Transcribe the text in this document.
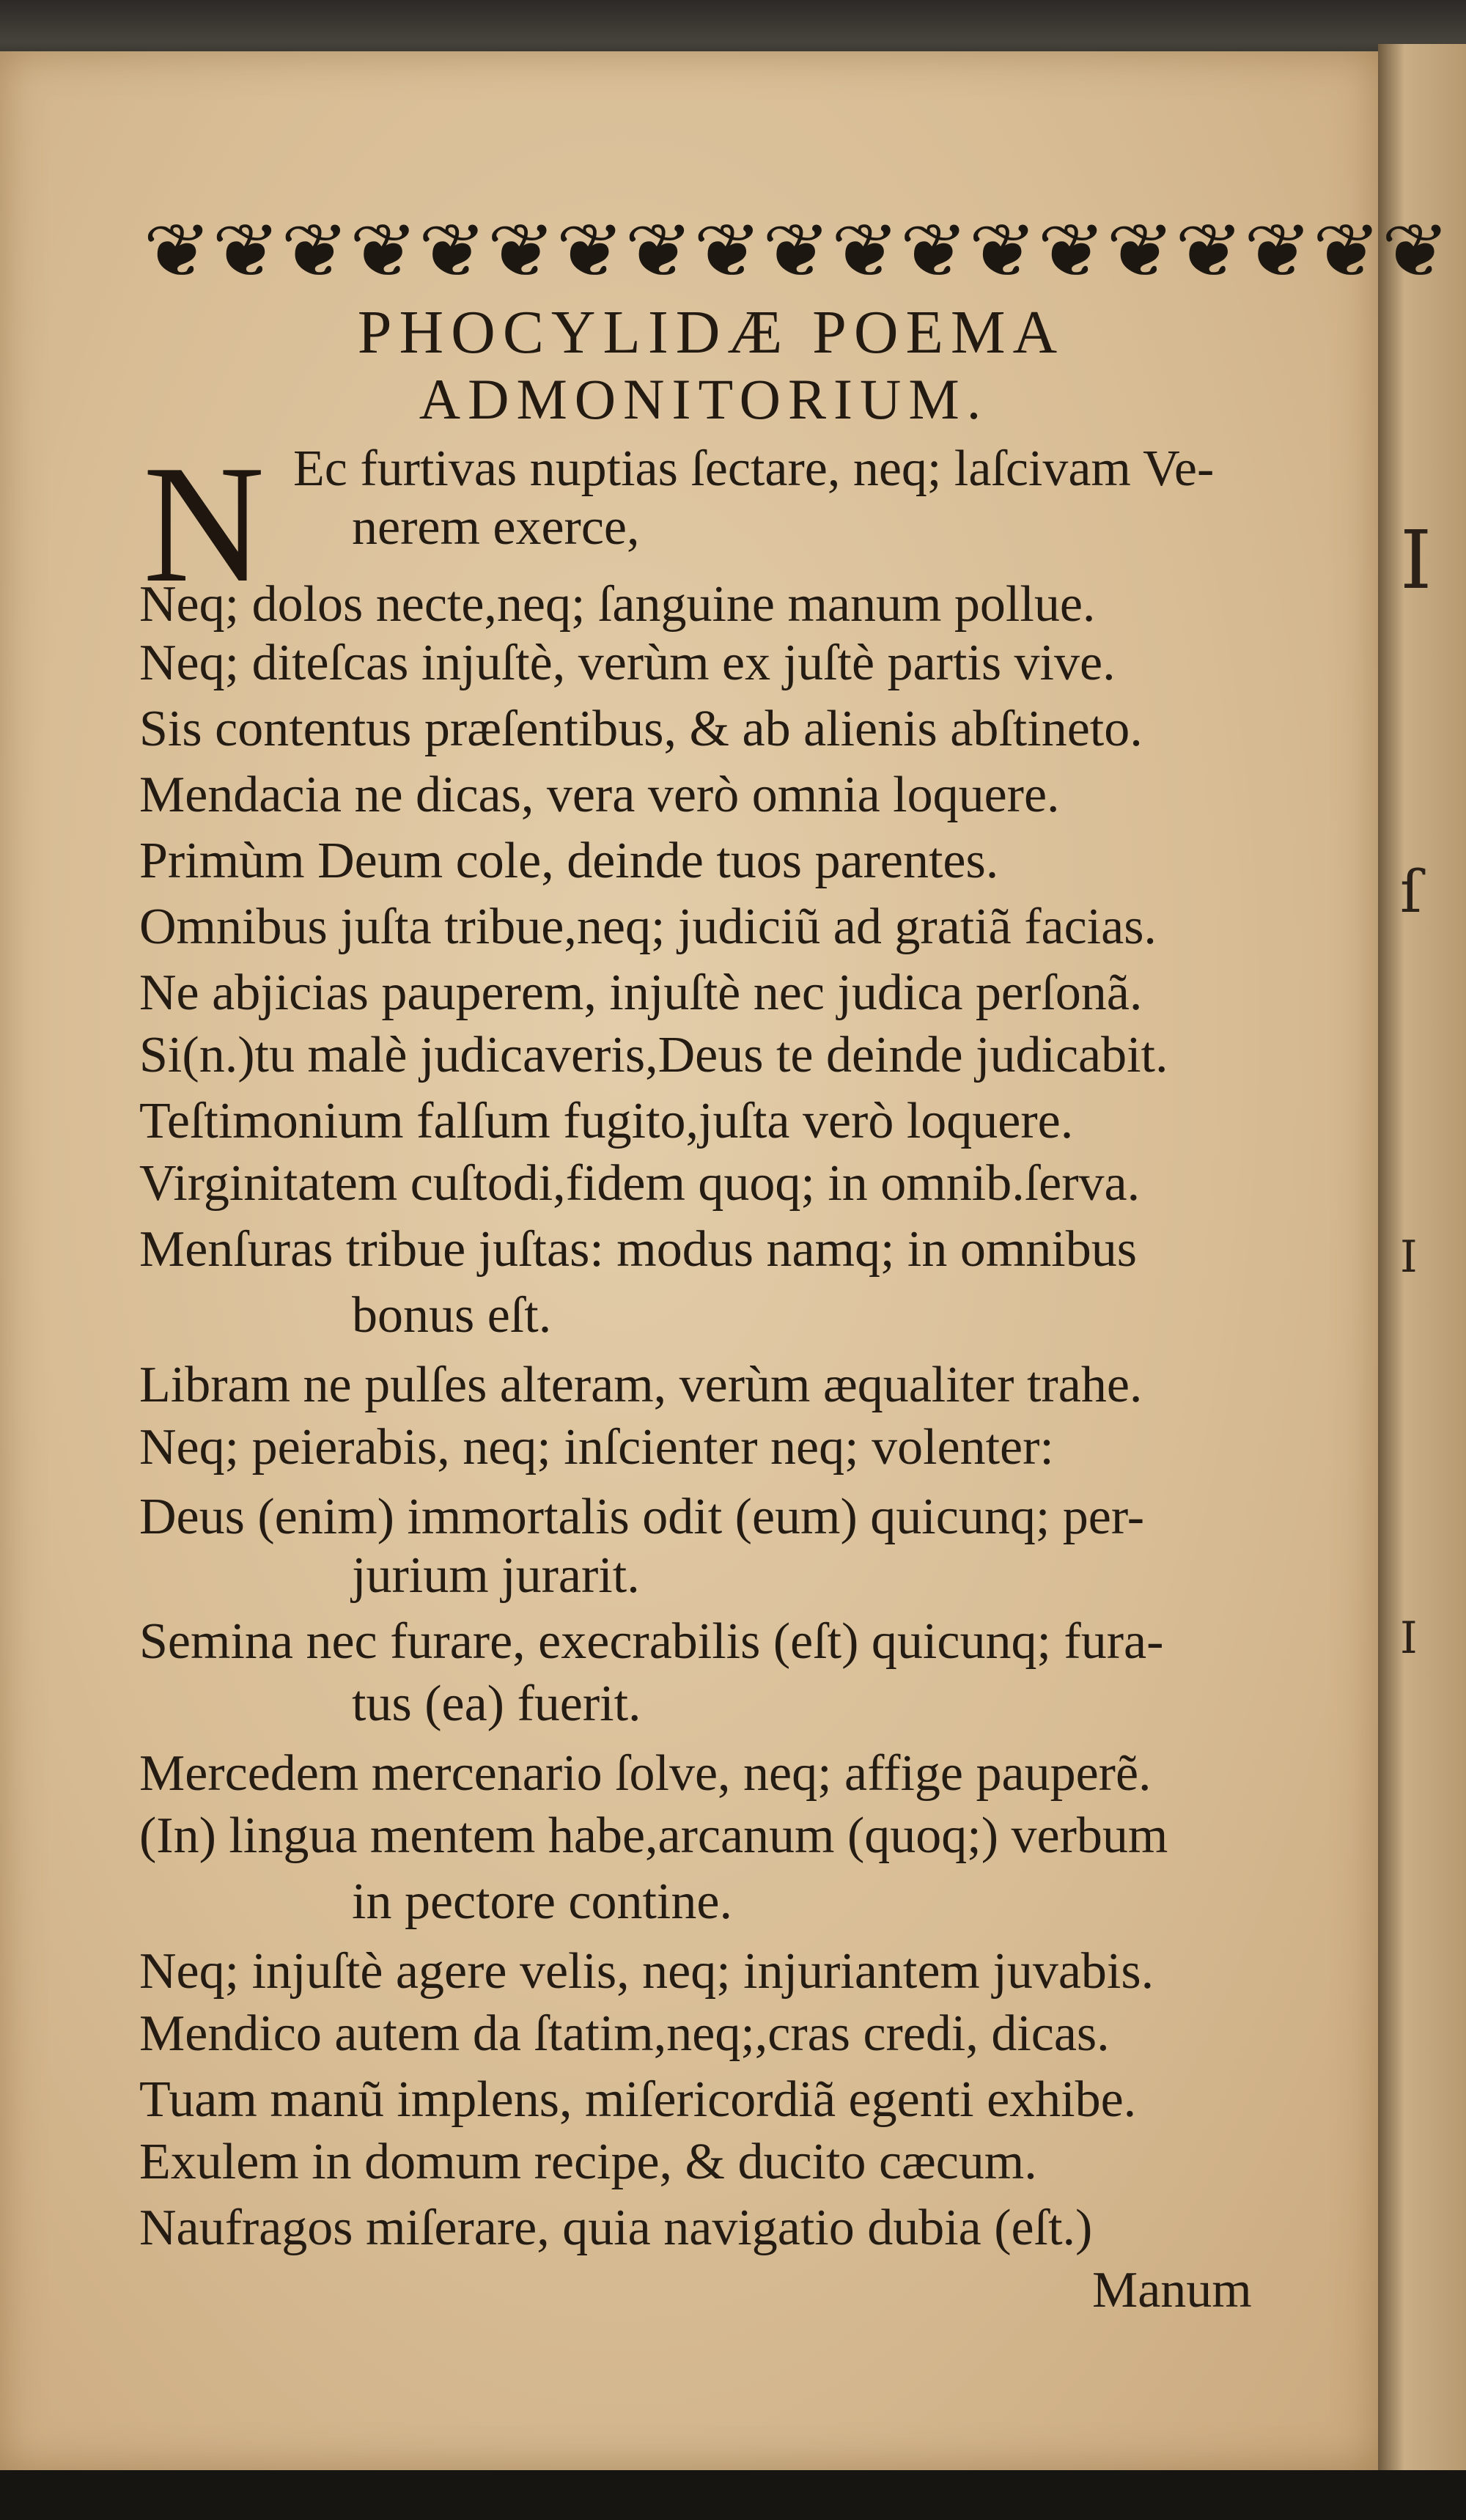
I
ſ
I
I
❦ ❦ ❦ ❦ ❦ ❦ ❦ ❦ ❦ ❦ ❦ ❦ ❦ ❦ ❦ ❦ ❦ ❦ ❦
PHOCYLIDÆ POEMA
ADMONITORIUM.
N Ec furtivas nuptias ſectare, neq; laſcivam Ve-
nerem exerce,
Neq; dolos necte,neq; ſanguine manum pollue.
Neq; diteſcas injuſtè, verùm ex juſtè partis vive.
Sis contentus præſentibus, & ab alienis abſtineto.
Mendacia ne dicas, vera verò omnia loquere.
Primùm Deum cole, deinde tuos parentes.
Omnibus juſta tribue,neq; judiciũ ad gratiã facias.
Ne abjicias pauperem, injuſtè nec judica perſonã.
Si(n.)tu malè judicaveris,Deus te deinde judicabit.
Teſtimonium falſum fugito,juſta verò loquere.
Virginitatem cuſtodi,fidem quoq; in omnib.ſerva.
Menſuras tribue juſtas: modus namq; in omnibus
bonus eſt.
Libram ne pulſes alteram, verùm æqualiter trahe.
Neq; peierabis, neq; inſcienter neq; volenter:
Deus (enim) immortalis odit (eum) quicunq; per-
jurium jurarit.
Semina nec furare, execrabilis (eſt) quicunq; fura-
tus (ea) fuerit.
Mercedem mercenario ſolve, neq; affige pauperẽ.
(In) lingua mentem habe,arcanum (quoq;) verbum
in pectore contine.
Neq; injuſtè agere velis, neq; injuriantem juvabis.
Mendico autem da ſtatim,neq;,cras credi, dicas.
Tuam manũ implens, miſericordiã egenti exhibe.
Exulem in domum recipe, & ducito cæcum.
Naufragos miſerare, quia navigatio dubia (eſt.)
Manum
